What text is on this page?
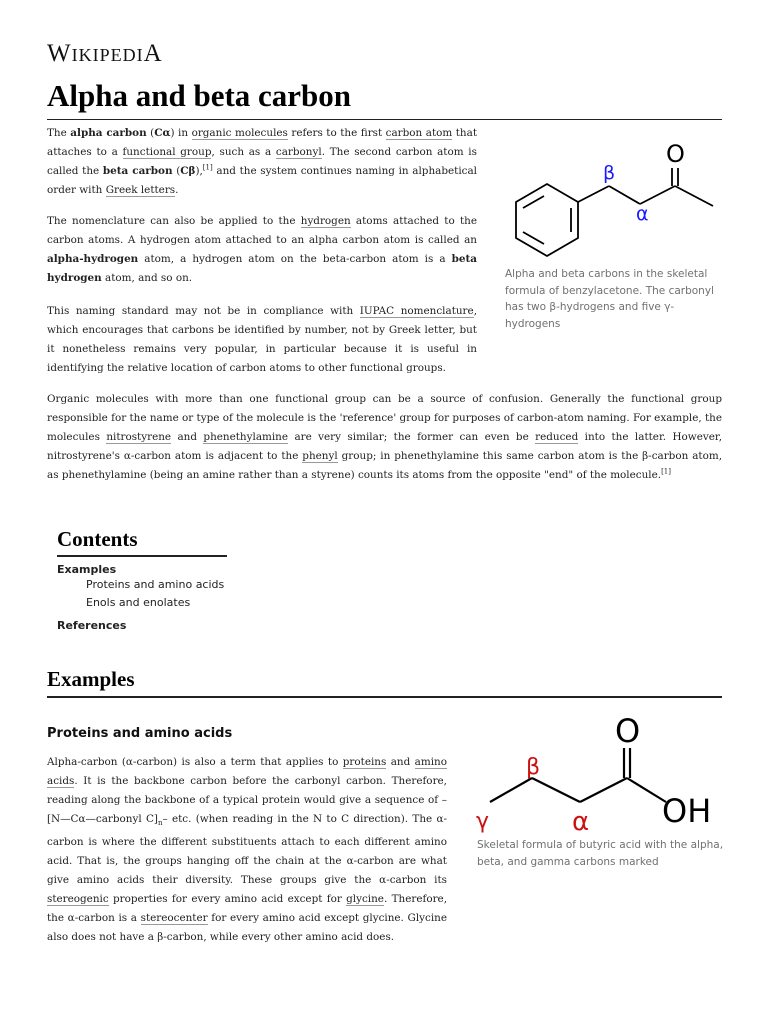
WIKIPEDIA
Alpha and beta carbon

The alpha carbon (Cα) in organic molecules refers to the first carbon atom that attaches to a functional group, such as a carbonyl. The second carbon atom is called the beta carbon (Cβ),[1] and the system continues naming in alphabetical order with Greek letters.

The nomenclature can also be applied to the hydrogen atoms attached to the carbon atoms. A hydrogen atom attached to an alpha carbon atom is called an alpha-hydrogen atom, a hydrogen atom on the beta-carbon atom is a beta hydrogen atom, and so on.

This naming standard may not be in compliance with IUPAC nomenclature, which encourages that carbons be identified by number, not by Greek letter, but it nonetheless remains very popular, in particular because it is useful in identifying the relative location of carbon atoms to other functional groups.

O
β
α

Alpha and beta carbons in the skeletal formula of benzylacetone. The carbonyl has two β-hydrogens and five γ-hydrogens

Organic molecules with more than one functional group can be a source of confusion. Generally the functional group responsible for the name or type of the molecule is the 'reference' group for purposes of carbon-atom naming. For example, the molecules nitrostyrene and phenethylamine are very similar; the former can even be reduced into the latter. However, nitrostyrene's α-carbon atom is adjacent to the phenyl group; in phenethylamine this same carbon atom is the β-carbon atom, as phenethylamine (being an amine rather than a styrene) counts its atoms from the opposite "end" of the molecule.[1]

Contents
Examples
Proteins and amino acids
Enols and enolates
References
Examples
Proteins and amino acids

Alpha-carbon (α-carbon) is also a term that applies to proteins and amino acids. It is the backbone carbon before the carbonyl carbon. Therefore, reading along the backbone of a typical protein would give a sequence of –[N—Cα—carbonyl $C]_n-$ etc. (when reading in the N to C direction). The α-carbon is where the different substituents attach to each different amino acid. That is, the groups hanging off the chain at the α-carbon are what give amino acids their diversity. These groups give the α-carbon its stereogenic properties for every amino acid except for glycine. Therefore, the α-carbon is a stereocenter for every amino acid except glycine. Glycine also does not have a β-carbon, while every other amino acid does.

O
OH
γ
β
α

Skeletal formula of butyric acid with the alpha, beta, and gamma carbons marked
